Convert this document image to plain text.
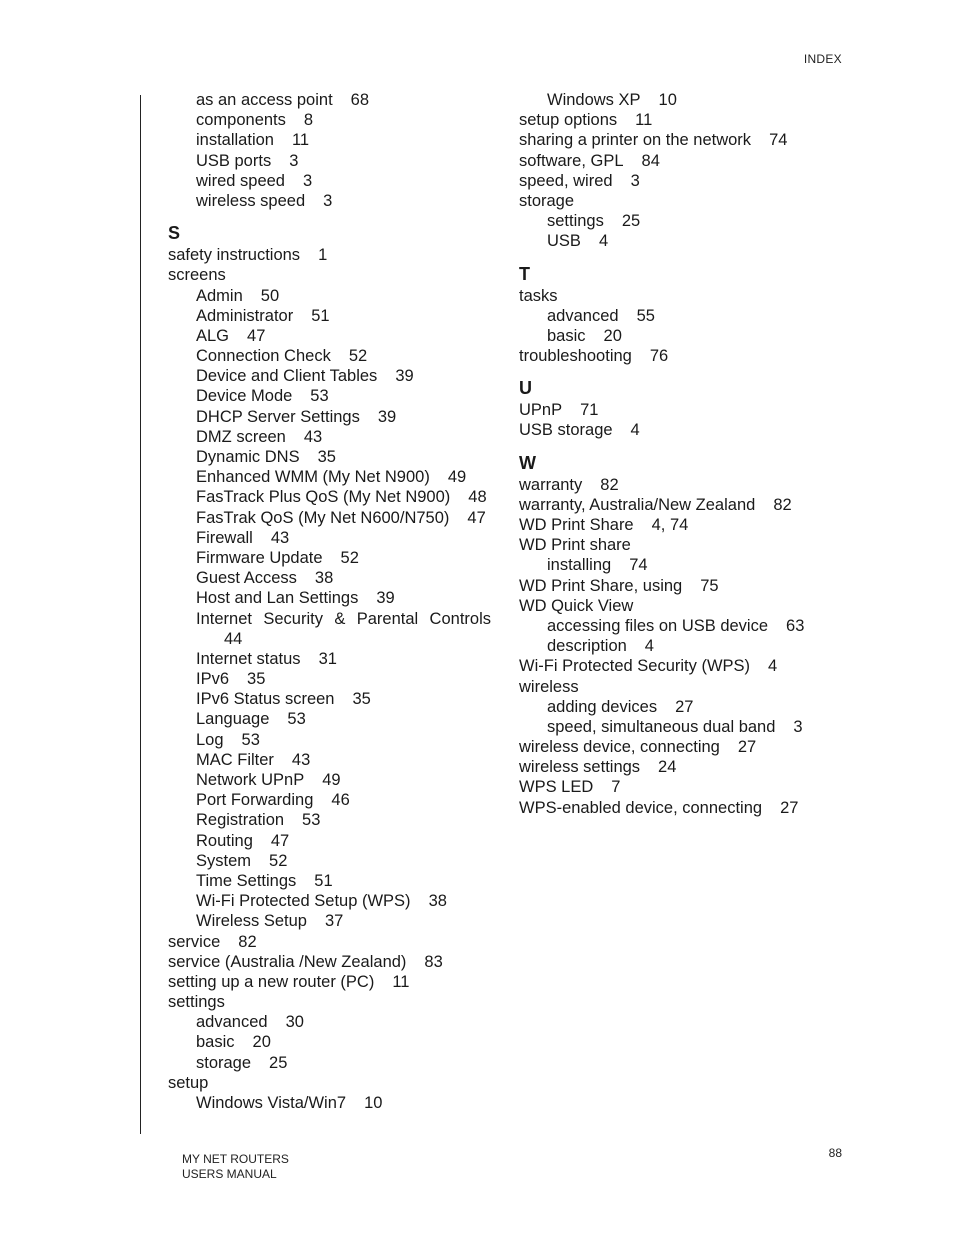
INDEX
as an access point 68
components 8
installation 11
USB ports 3
wired speed 3
wireless speed 3
S
safety instructions 1
screens
Admin 50
Administrator 51
ALG 47
Connection Check 52
Device and Client Tables 39
Device Mode 53
DHCP Server Settings 39
DMZ screen 43
Dynamic DNS 35
Enhanced WMM (My Net N900) 49
FasTrack Plus QoS (My Net N900) 48
FasTrak QoS (My Net N600/N750) 47
Firewall 43
Firmware Update 52
Guest Access 38
Host and Lan Settings 39
Internet Security & Parental Controls
44
Internet status 31
IPv6 35
IPv6 Status screen 35
Language 53
Log 53
MAC Filter 43
Network UPnP 49
Port Forwarding 46
Registration 53
Routing 47
System 52
Time Settings 51
Wi-Fi Protected Setup (WPS) 38
Wireless Setup 37
service 82
service (Australia /New Zealand) 83
setting up a new router (PC) 11
settings
advanced 30
basic 20
storage 25
setup
Windows Vista/Win7 10
Windows XP 10
setup options 11
sharing a printer on the network 74
software, GPL 84
speed, wired 3
storage
settings 25
USB 4
T
tasks
advanced 55
basic 20
troubleshooting 76
U
UPnP 71
USB storage 4
W
warranty 82
warranty, Australia/New Zealand 82
WD Print Share 4, 74
WD Print share
installing 74
WD Print Share, using 75
WD Quick View
accessing files on USB device 63
description 4
Wi-Fi Protected Security (WPS) 4
wireless
adding devices 27
speed, simultaneous dual band 3
wireless device, connecting 27
wireless settings 24
WPS LED 7
WPS-enabled device, connecting 27
MY NET ROUTERS
USERS MANUAL
88
